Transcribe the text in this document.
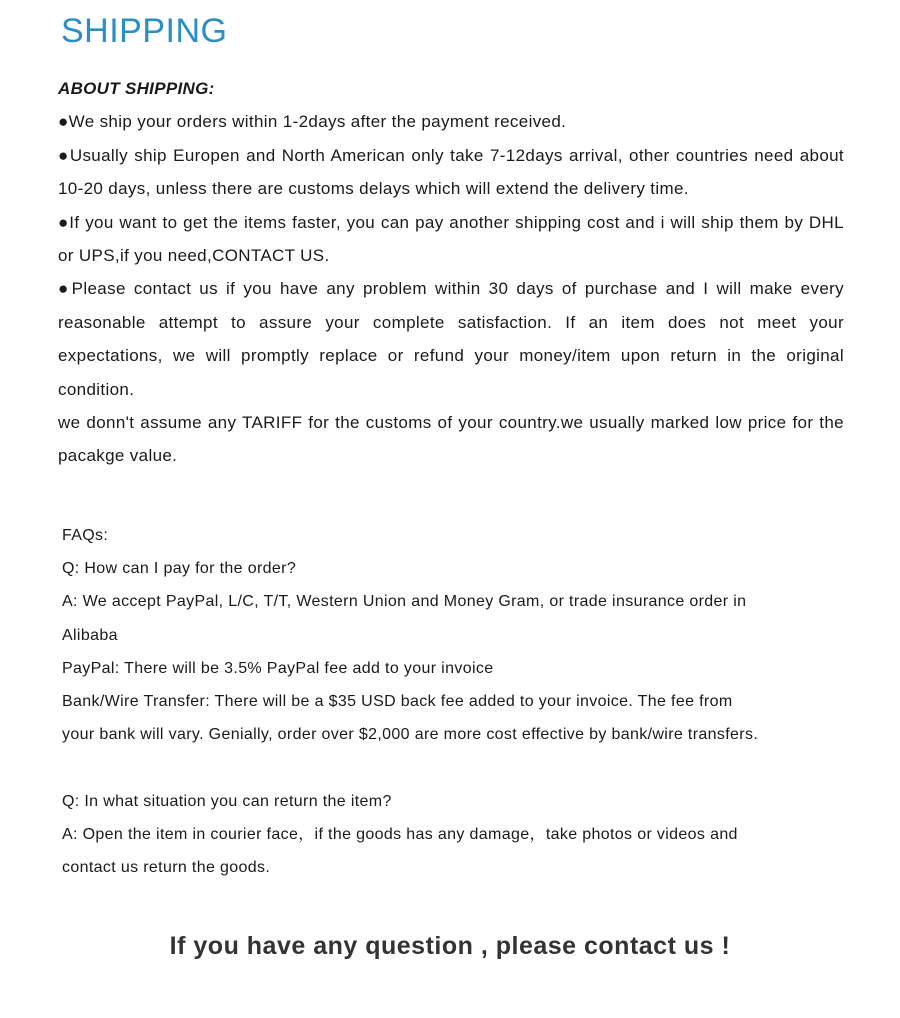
SHIPPING
ABOUT SHIPPING:
●We ship your orders within 1-2days after the payment received.
●Usually ship Europen and North American only take 7-12days arrival, other countries need about 10-20 days, unless there are customs delays which will extend the delivery time.
●If you want to get the items faster, you can pay another shipping cost and i will ship them by DHL or UPS,if you need,CONTACT US.
●Please contact us if you have any problem within 30 days of purchase and I will make every reasonable attempt to assure your complete satisfaction. If an item does not meet your expectations, we will promptly replace or refund your money/item upon return in the original condition.
we donn't assume any TARIFF for the customs of your country.we usually marked low price for the pacakge value.
FAQs:
Q: How can I pay for the order?
A: We accept PayPal, L/C, T/T, Western Union and Money Gram, or trade insurance order in
Alibaba
PayPal: There will be 3.5% PayPal fee add to your invoice
Bank/Wire Transfer: There will be a $35 USD back fee added to your invoice. The fee from
your bank will vary. Genially, order over $2,000 are more cost effective by bank/wire transfers.
Q: In what situation you can return the item?
A: Open the item in courier face，if the goods has any damage，take photos or videos and
contact us return the goods.
If you have any question , please contact us !
